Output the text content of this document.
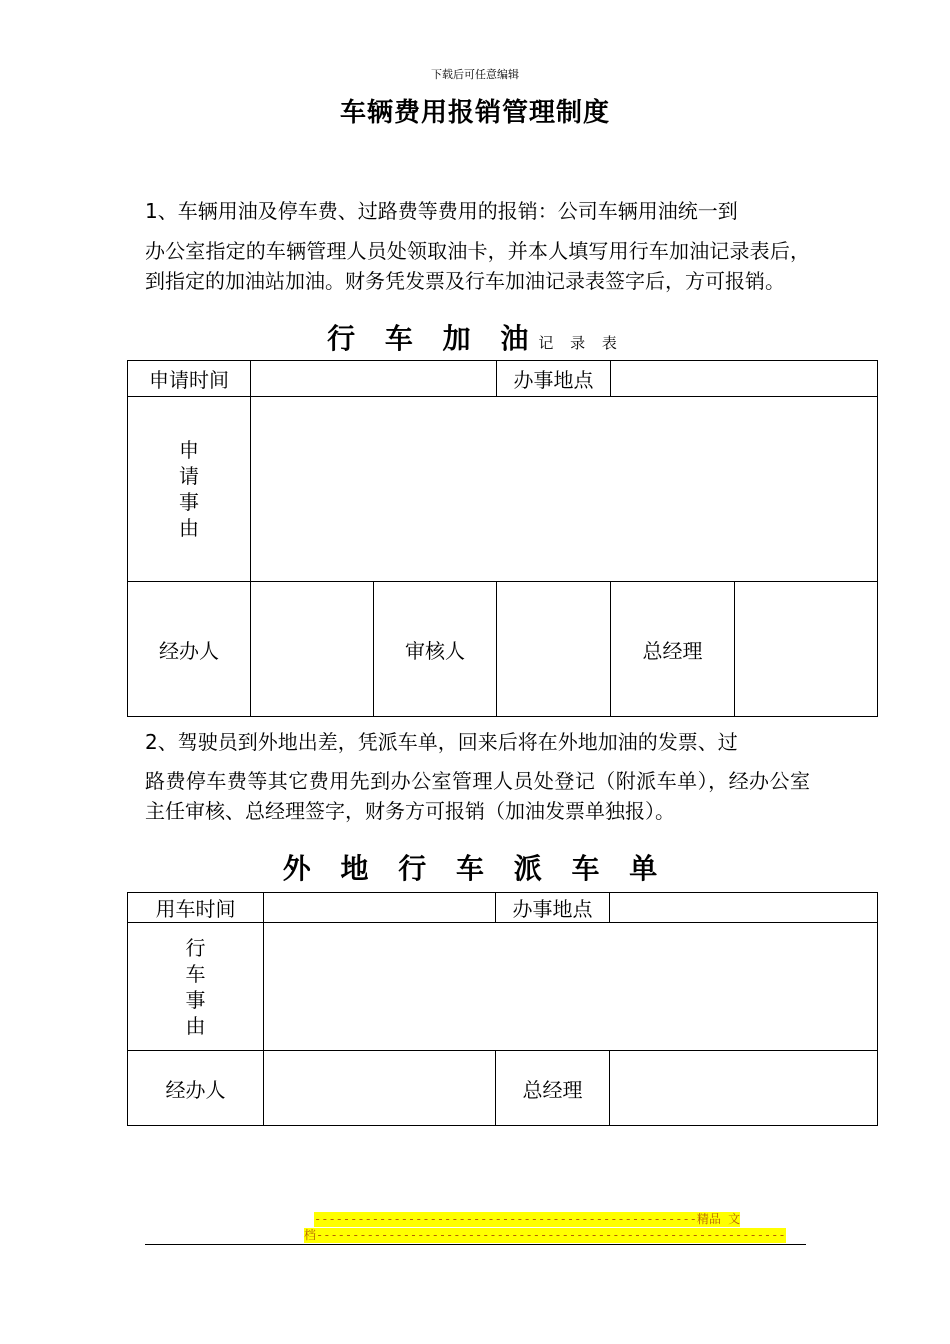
下载后可任意编辑
车辆费用报销管理制度
1、车辆用油及停车费、过路费等费用的报销：公司车辆用油统一到
办公室指定的车辆管理人员处领取油卡，并本人填写用行车加油记录表后，到指定的加油站加油。财务凭发票及行车加油记录表签字后，方可报销。
行 车 加 油记 录 表
申请时间			办事地点		
申请事由					
经办人		审核人		总经理	
2、驾驶员到外地出差，凭派车单，回来后将在外地加油的发票、过
路费停车费等其它费用先到办公室管理人员处登记（附派车单），经办公室主任审核、总经理签字，财务方可报销（加油发票单独报）。
外 地 行 车 派 车 单
用车时间		办事地点	
行车事由			
经办人		总经理	
-----------------------------------------------------精品 文
档-----------------------------------------------------------------
